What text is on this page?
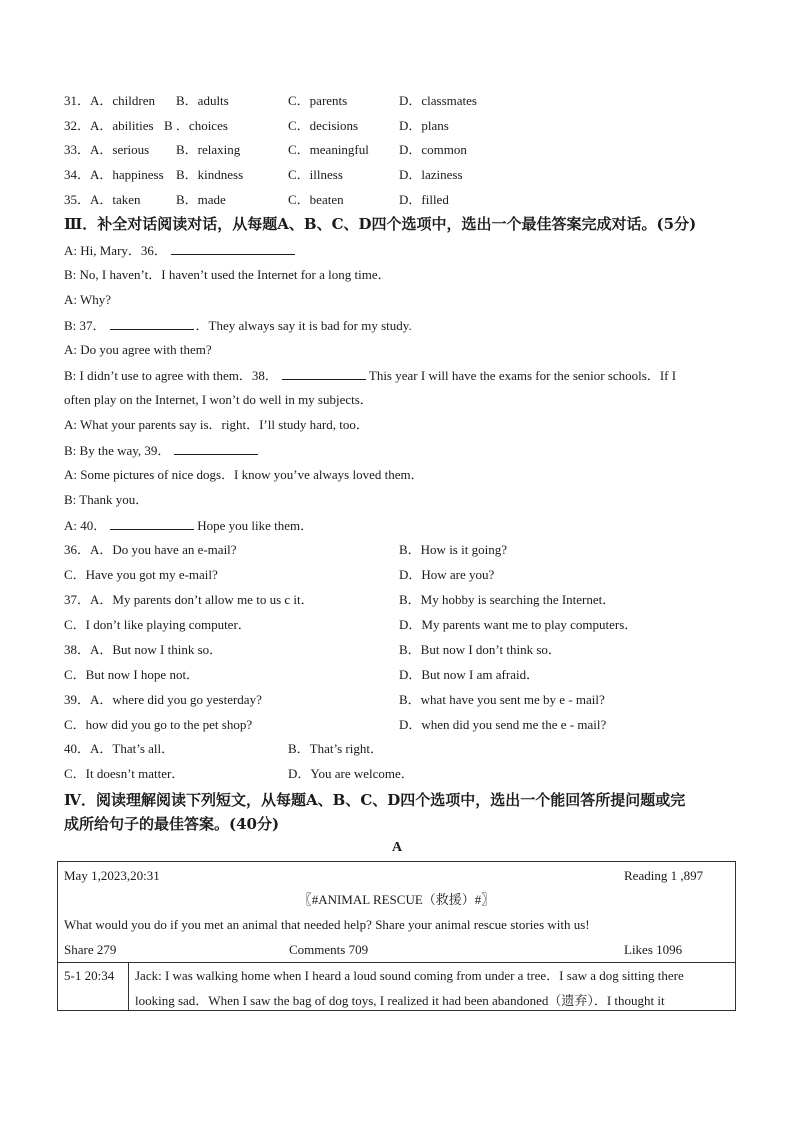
31． A．children B．adults	C．parents	D．classmates
32． A．abilities B ．choices	C．decisions	D．plans
33． A．serious B．relaxing	C．meaningful D．common
34． A．happiness B．kindness	C．illness	D．laziness
35． A．taken	B．made	C．beaten	D．filled
Ⅲ．补全对话阅读对话，从每题A、B、C、D四个选项中，选出一个最佳答案完成对话。(5分)
A: Hi, Mary．36．
B: No, I haven’t．I haven’t used the Internet for a long time．
A: Why?
B: 37．	．They always say it is bad for my study.
A: Do you agree with them?
B: I didn’t use to agree with them．38．	This year I will have the exams for the senior schools．If I
often play on the Internet, I won’t do well in my subjects．
A: What your parents say is．right．I’ll study hard, too．
B: By the way, 39．
A: Some pictures of nice dogs．I know you’ve always loved them．
B: Thank you．
A: 40．	Hope you like them．
36．A．Do you have an e-mail?	B．How is it going?
C．Have you got my e-mail?	D．How are you?
37．A．My parents don’t allow me to us c it．	B．My hobby is searching the Internet．
C．I don’t like playing computer．	D．My parents want me to play computers．
38．A．But now I think so．	B．But now I don’t think so．
C．But now I hope not．	D．But now I am afraid．
39．A．where did you go yesterday?	B．what have you sent me by e - mail?
C．how did you go to the pet shop?	D．when did you send me the e - mail?
40．A．That’s all．	B．That’s right．
C．It doesn’t matter．	D．You are welcome．
Ⅳ．阅读理解阅读下列短文，从每题A、B、C、D四个选项中，选出一个能回答所提问题或完
成所给句子的最佳答案。(40分)
A
May 1,2023,20:31	Reading 1 ,897
〖#ANIMAL RESCUE（救援）#〗
What would you do if you met an animal that needed help? Share your animal rescue stories with us!
Share 279	Comments 709	Likes 1096
5-1 20:34 Jack: I was walking home when I heard a loud sound coming from under a tree．I saw a dog sitting there
looking sad．When I saw the bag of dog toys, I realized it had been abandoned（遗弃）．I thought it
